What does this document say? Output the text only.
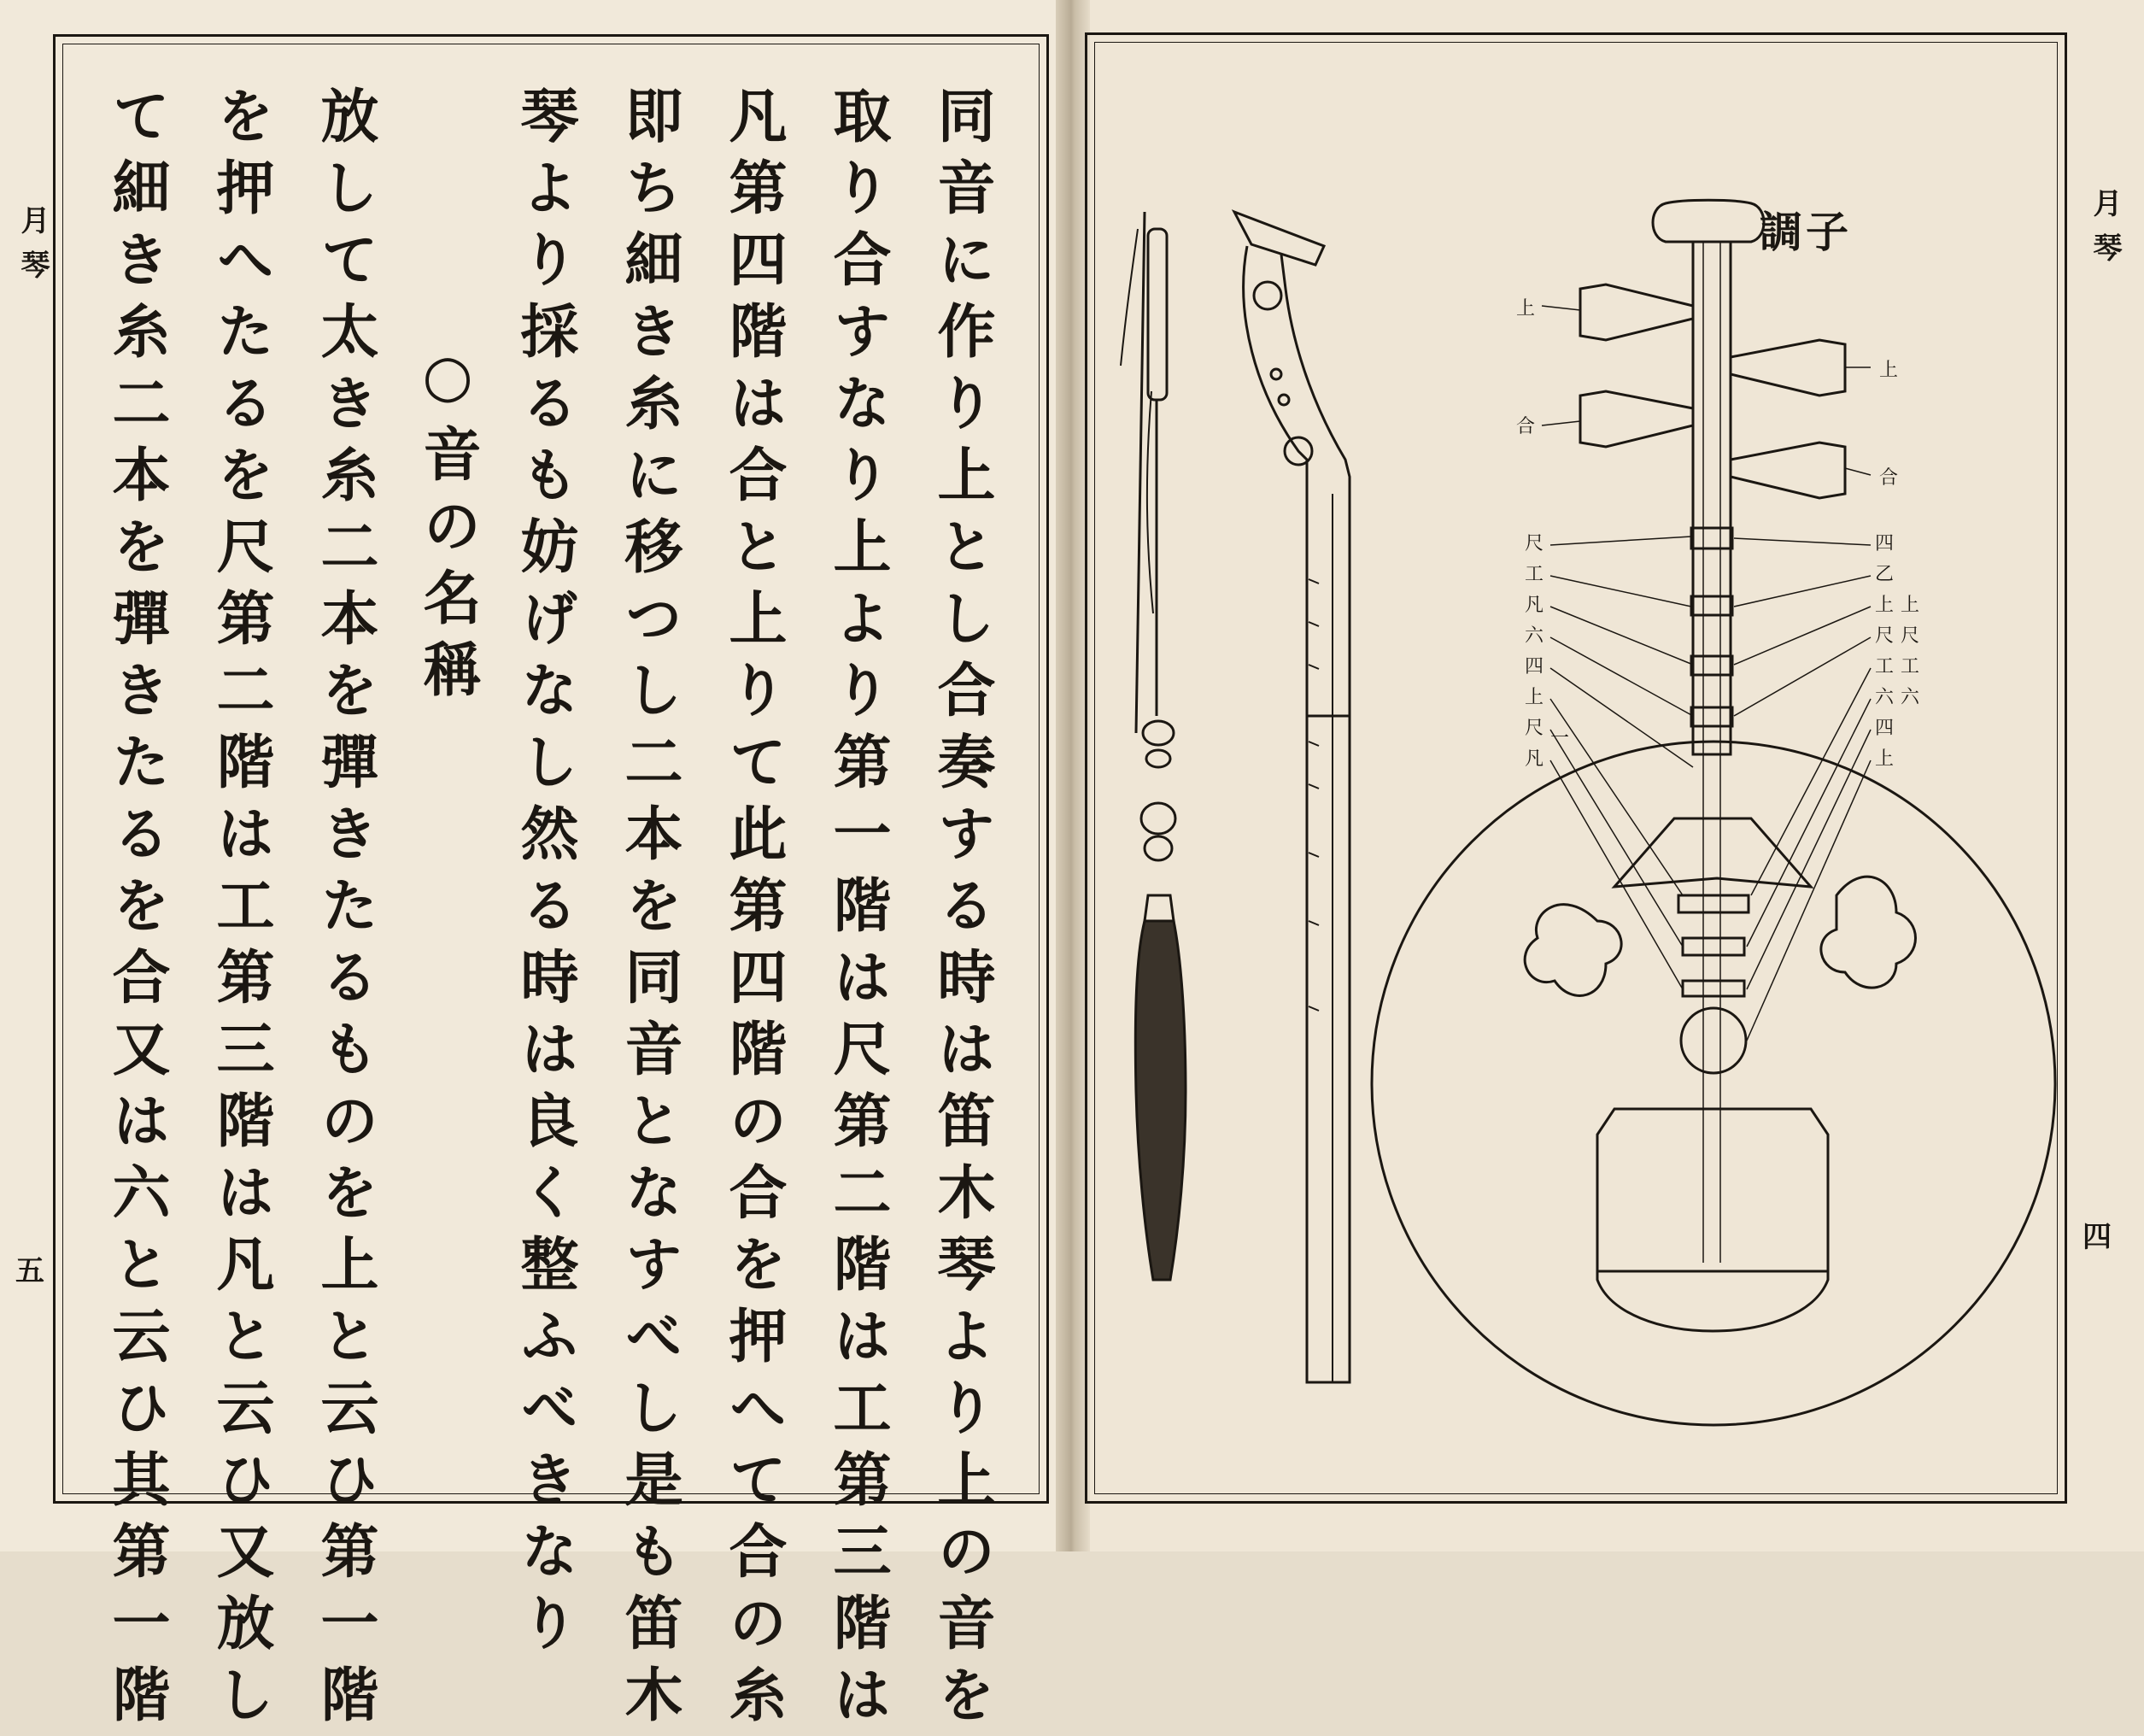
月琴
五	同音に作り上とし合奏する時は笛木琴より上の音を
取り合すなり上より第一階は尺第二階は工第三階は
凡第四階は合と上りて此第四階の合を押へて合の糸
即ち細き糸に移つし二本を同音となすべし是も笛木
琴より採るも妨げなし然る時は良く整ふべきなり
○音の名稱
放して太き糸二本を彈きたるものを上と云ひ第一階
を押へたるを尺第二階は工第三階は凡と云ひ又放し
て細き糸二本を彈きたるを合又は六と云ひ其第一階	月琴
四
上
合
上
合
尺
工
凡
六
四
上
尺
凡
一
四
乙
上
尺
工
六
四
上
上
尺
工
六
調子
